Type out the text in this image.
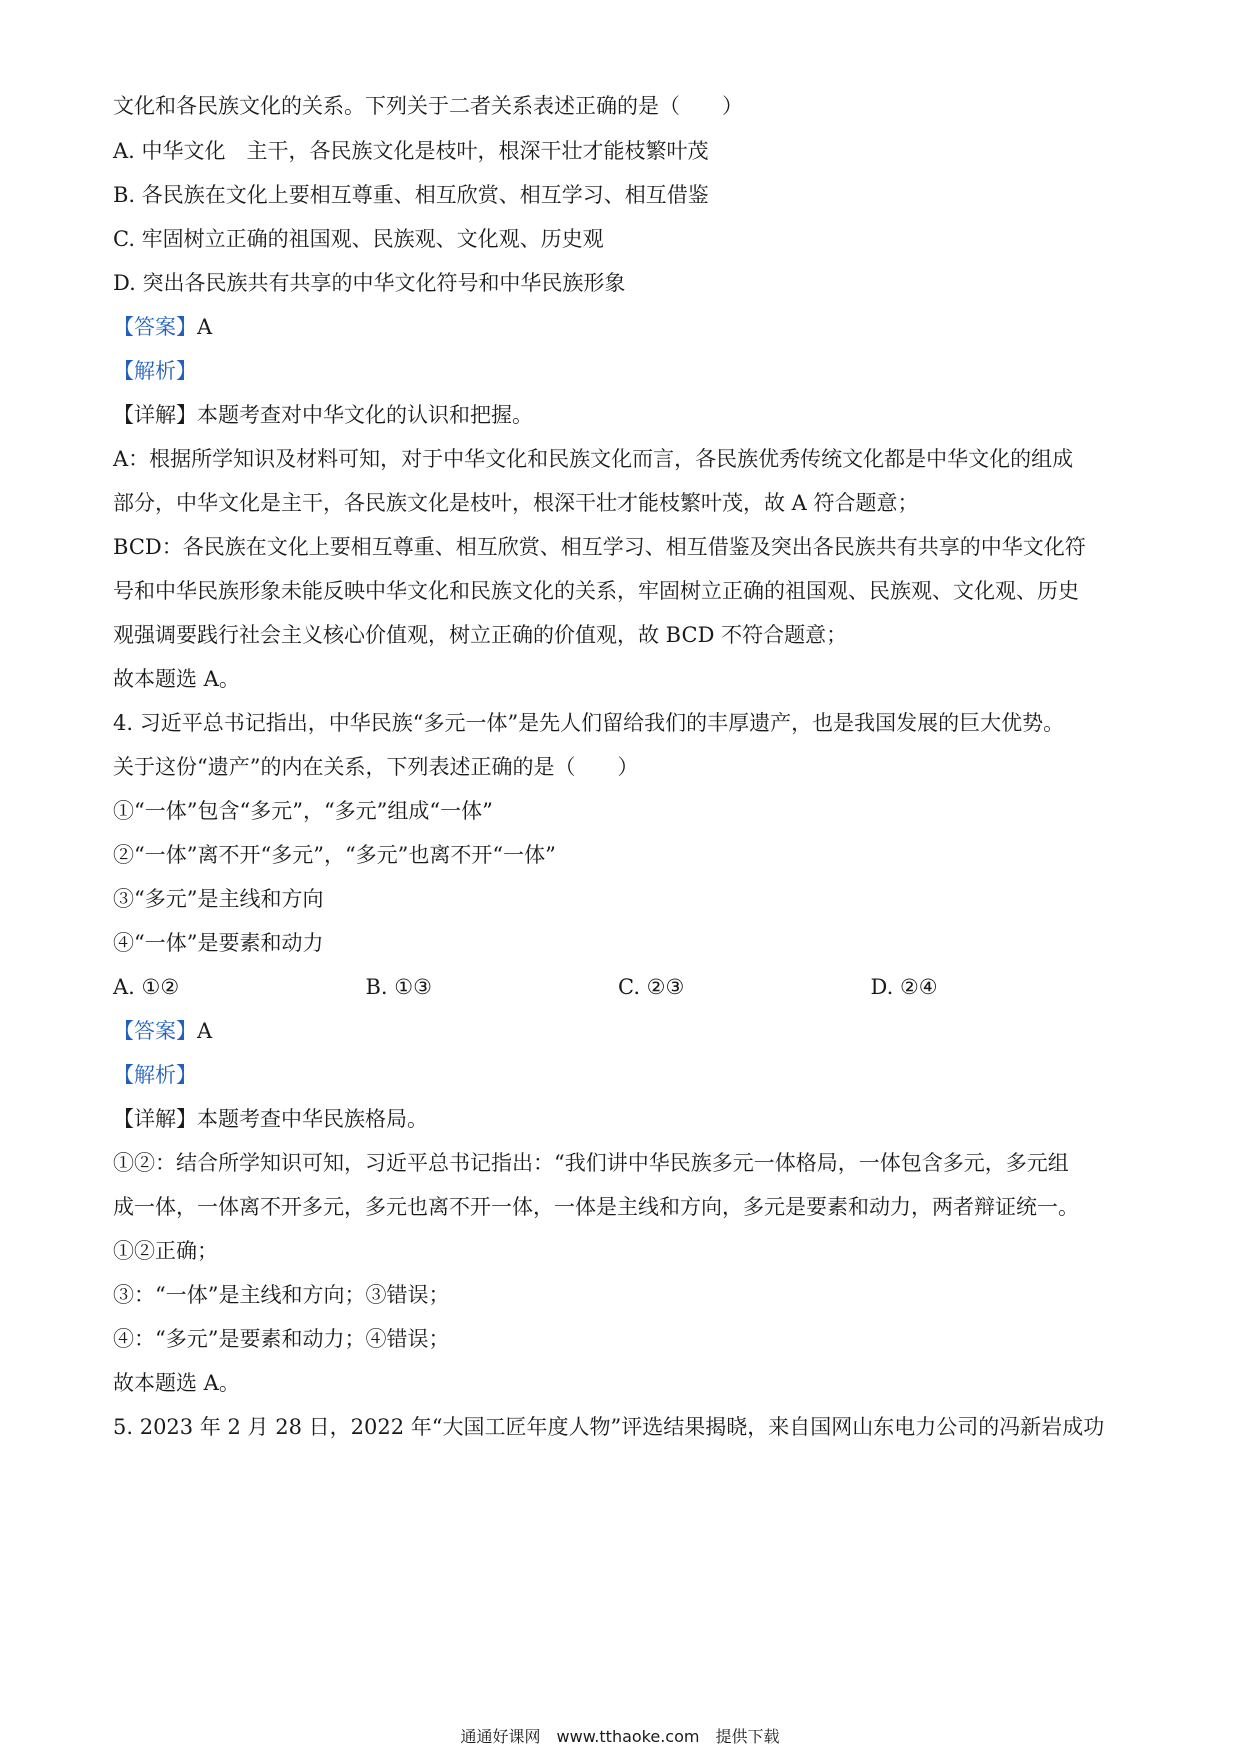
文化和各民族文化的关系。下列关于二者关系表述正确的是（　　）
A. 中华文化　主干，各民族文化是枝叶，根深干壮才能枝繁叶茂
B. 各民族在文化上要相互尊重、相互欣赏、相互学习、相互借鉴
C. 牢固树立正确的祖国观、民族观、文化观、历史观
D. 突出各民族共有共享的中华文化符号和中华民族形象
【答案】A
【解析】
【详解】本题考查对中华文化的认识和把握。
A：根据所学知识及材料可知，对于中华文化和民族文化而言，各民族优秀传统文化都是中华文化的组成
部分，中华文化是主干，各民族文化是枝叶，根深干壮才能枝繁叶茂，故 A 符合题意；
BCD：各民族在文化上要相互尊重、相互欣赏、相互学习、相互借鉴及突出各民族共有共享的中华文化符
号和中华民族形象未能反映中华文化和民族文化的关系，牢固树立正确的祖国观、民族观、文化观、历史
观强调要践行社会主义核心价值观，树立正确的价值观，故 BCD 不符合题意；
故本题选 A。
4. 习近平总书记指出，中华民族“多元一体”是先人们留给我们的丰厚遗产，也是我国发展的巨大优势。
关于这份“遗产”的内在关系，下列表述正确的是（　　）
①“一体”包含“多元”，“多元”组成“一体”
②“一体”离不开“多元”，“多元”也离不开“一体”
③“多元”是主线和方向
④“一体”是要素和动力
A. ①②	B. ①③	C. ②③	D. ②④
【答案】A
【解析】
【详解】本题考查中华民族格局。
①②：结合所学知识可知，习近平总书记指出：“我们讲中华民族多元一体格局，一体包含多元，多元组
成一体，一体离不开多元，多元也离不开一体，一体是主线和方向，多元是要素和动力，两者辩证统一。
①②正确；
③：“一体”是主线和方向；③错误；
④：“多元”是要素和动力；④错误；
故本题选 A。
5. 2023 年 2 月 28 日，2022 年“大国工匠年度人物”评选结果揭晓，来自国网山东电力公司的冯新岩成功
通通好课网　www.tthaoke.com　提供下载
